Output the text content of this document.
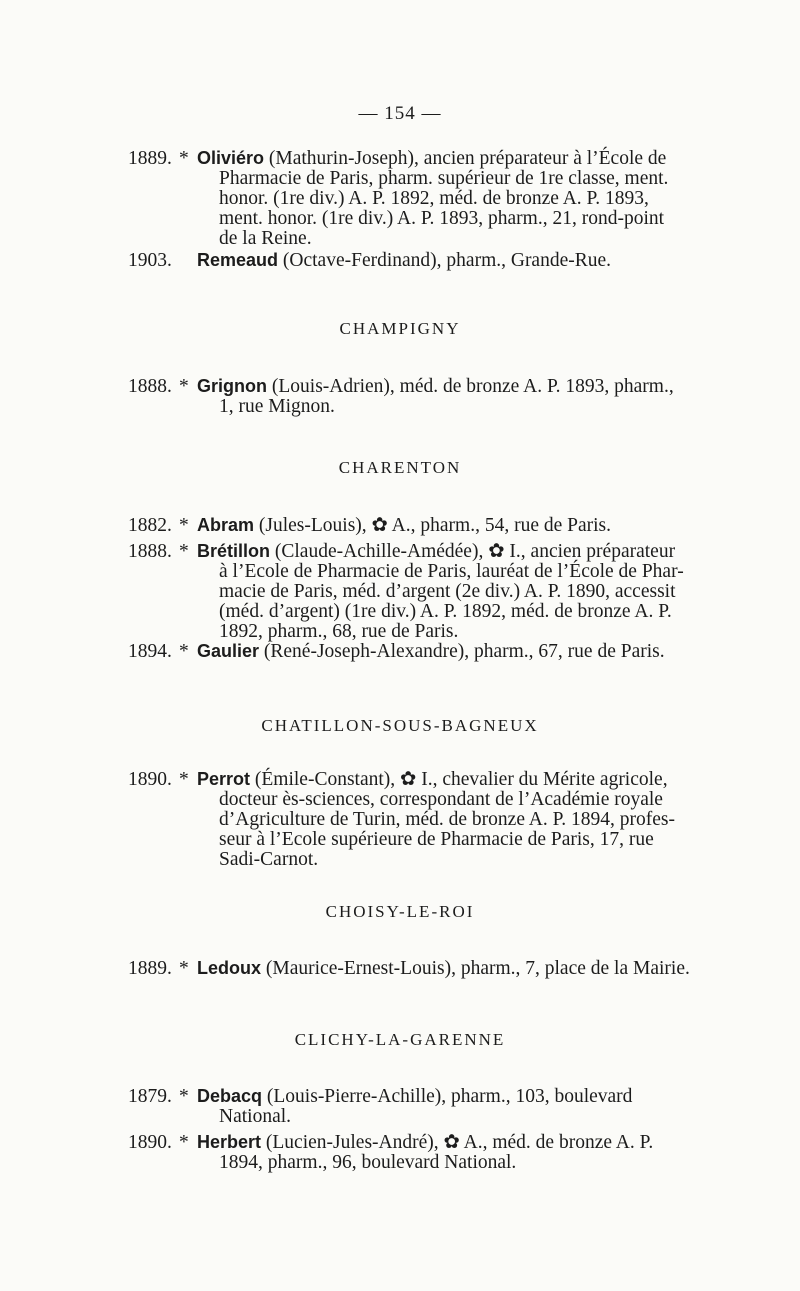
— 154 —
1889. * Oliviéro (Mathurin-Joseph), ancien préparateur à l’École de
Pharmacie de Paris, pharm. supérieur de 1re classe, ment.
honor. (1re div.) A. P. 1892, méd. de bronze A. P. 1893,
ment. honor. (1re div.) A. P. 1893, pharm., 21, rond-point
de la Reine.
1903. Remeaud (Octave-Ferdinand), pharm., Grande-Rue.
CHAMPIGNY
1888. * Grignon (Louis-Adrien), méd. de bronze A. P. 1893, pharm.,
1, rue Mignon.
CHARENTON
1882. * Abram (Jules-Louis), ✿ A., pharm., 54, rue de Paris.
1888. * Brétillon (Claude-Achille-Amédée), ✿ I., ancien préparateur
à l’Ecole de Pharmacie de Paris, lauréat de l’École de Phar-
macie de Paris, méd. d’argent (2e div.) A. P. 1890, accessit
(méd. d’argent) (1re div.) A. P. 1892, méd. de bronze A. P.
1892, pharm., 68, rue de Paris.
1894. * Gaulier (René-Joseph-Alexandre), pharm., 67, rue de Paris.
CHATILLON-SOUS-BAGNEUX
1890. * Perrot (Émile-Constant), ✿ I., chevalier du Mérite agricole,
docteur ès-sciences, correspondant de l’Académie royale
d’Agriculture de Turin, méd. de bronze A. P. 1894, profes-
seur à l’Ecole supérieure de Pharmacie de Paris, 17, rue
Sadi-Carnot.
CHOISY-LE-ROI
1889. * Ledoux (Maurice-Ernest-Louis), pharm., 7, place de la Mairie.
CLICHY-LA-GARENNE
1879. * Debacq (Louis-Pierre-Achille), pharm., 103, boulevard
National.
1890. * Herbert (Lucien-Jules-André), ✿ A., méd. de bronze A. P.
1894, pharm., 96, boulevard National.
